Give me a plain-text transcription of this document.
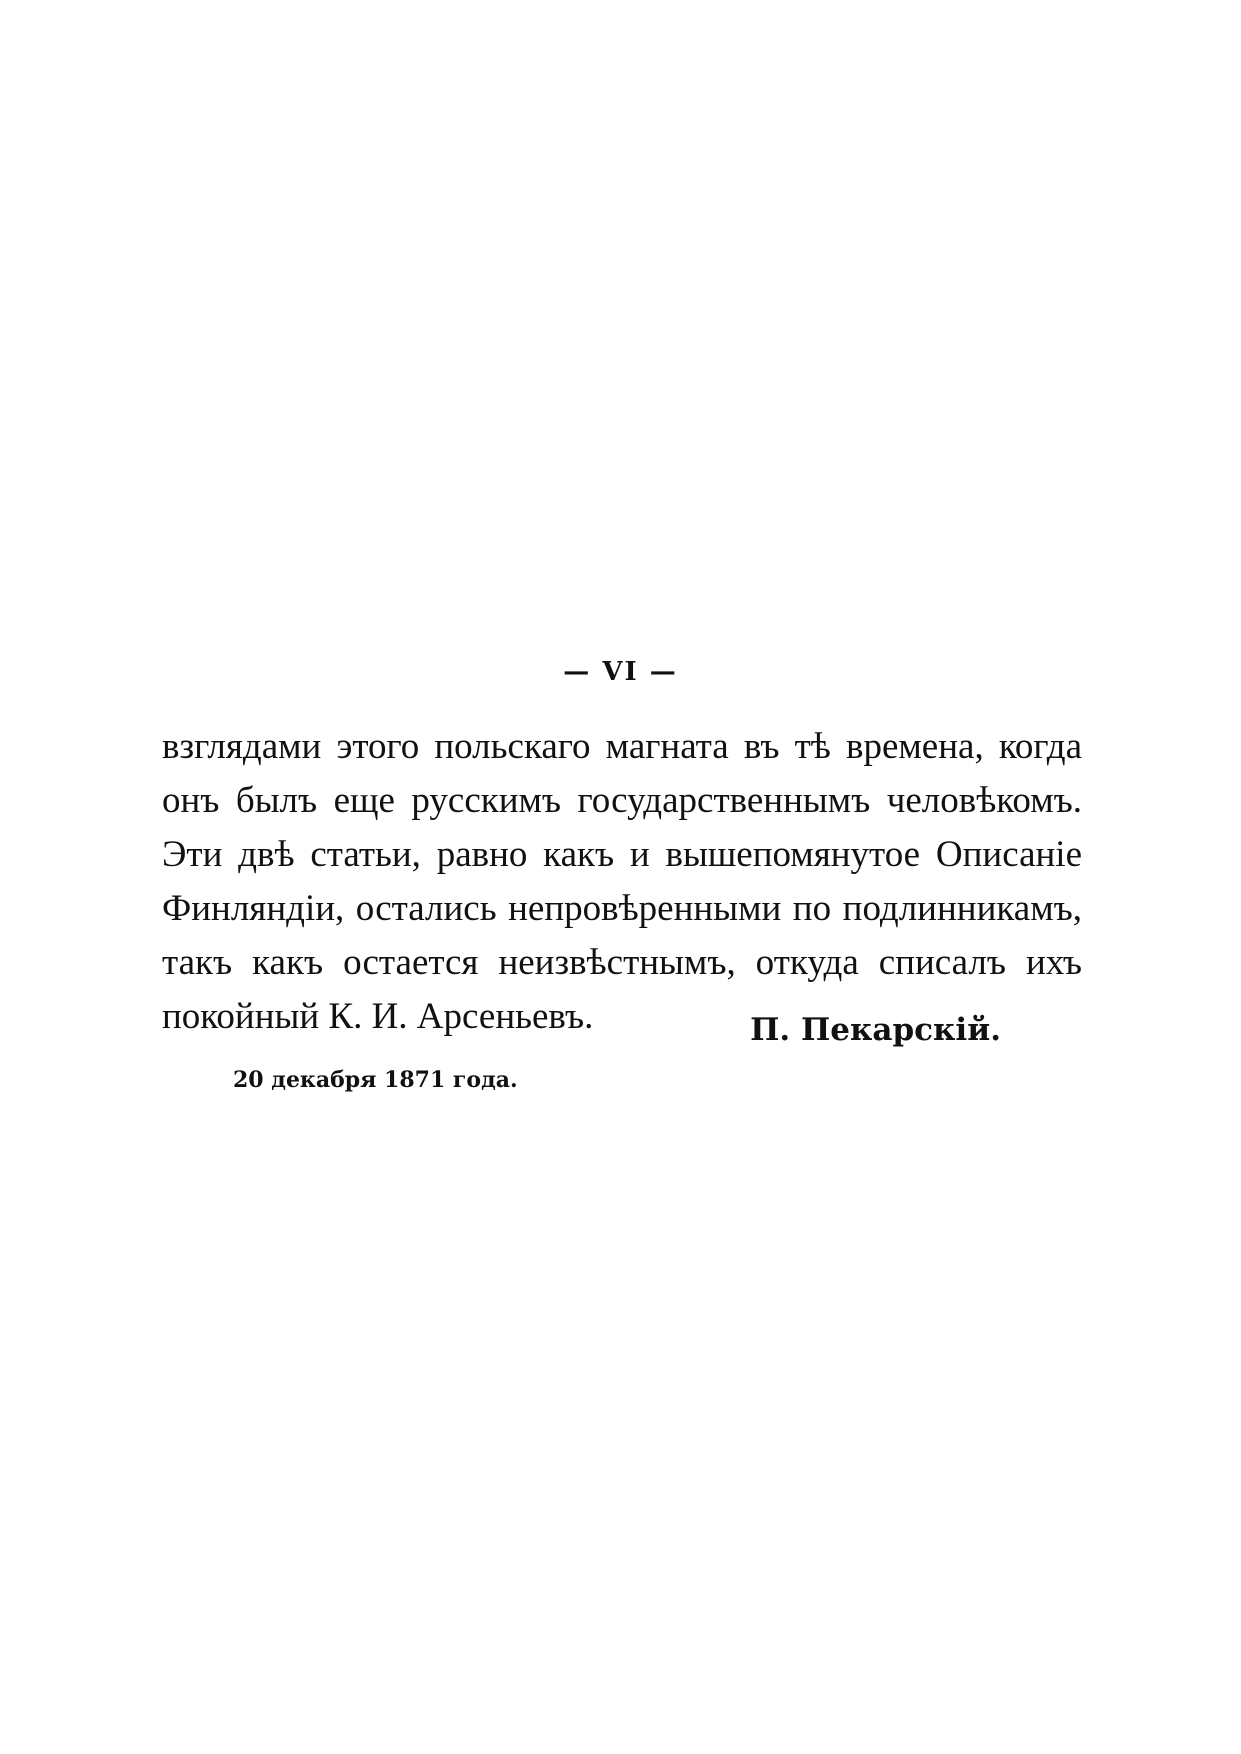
— VI —
взглядами этого польскаго магната въ тѣ времена, когда
онъ былъ еще русскимъ государственнымъ человѣкомъ.
Эти двѣ статьи, равно какъ и вышепомянутое Описаніе
Финляндіи, остались непровѣренными по подлинникамъ,
такъ какъ остается неизвѣстнымъ, откуда списалъ ихъ
покойный К. И. Арсеньевъ.	П. Пекарскій.
20 декабря 1871 года.
